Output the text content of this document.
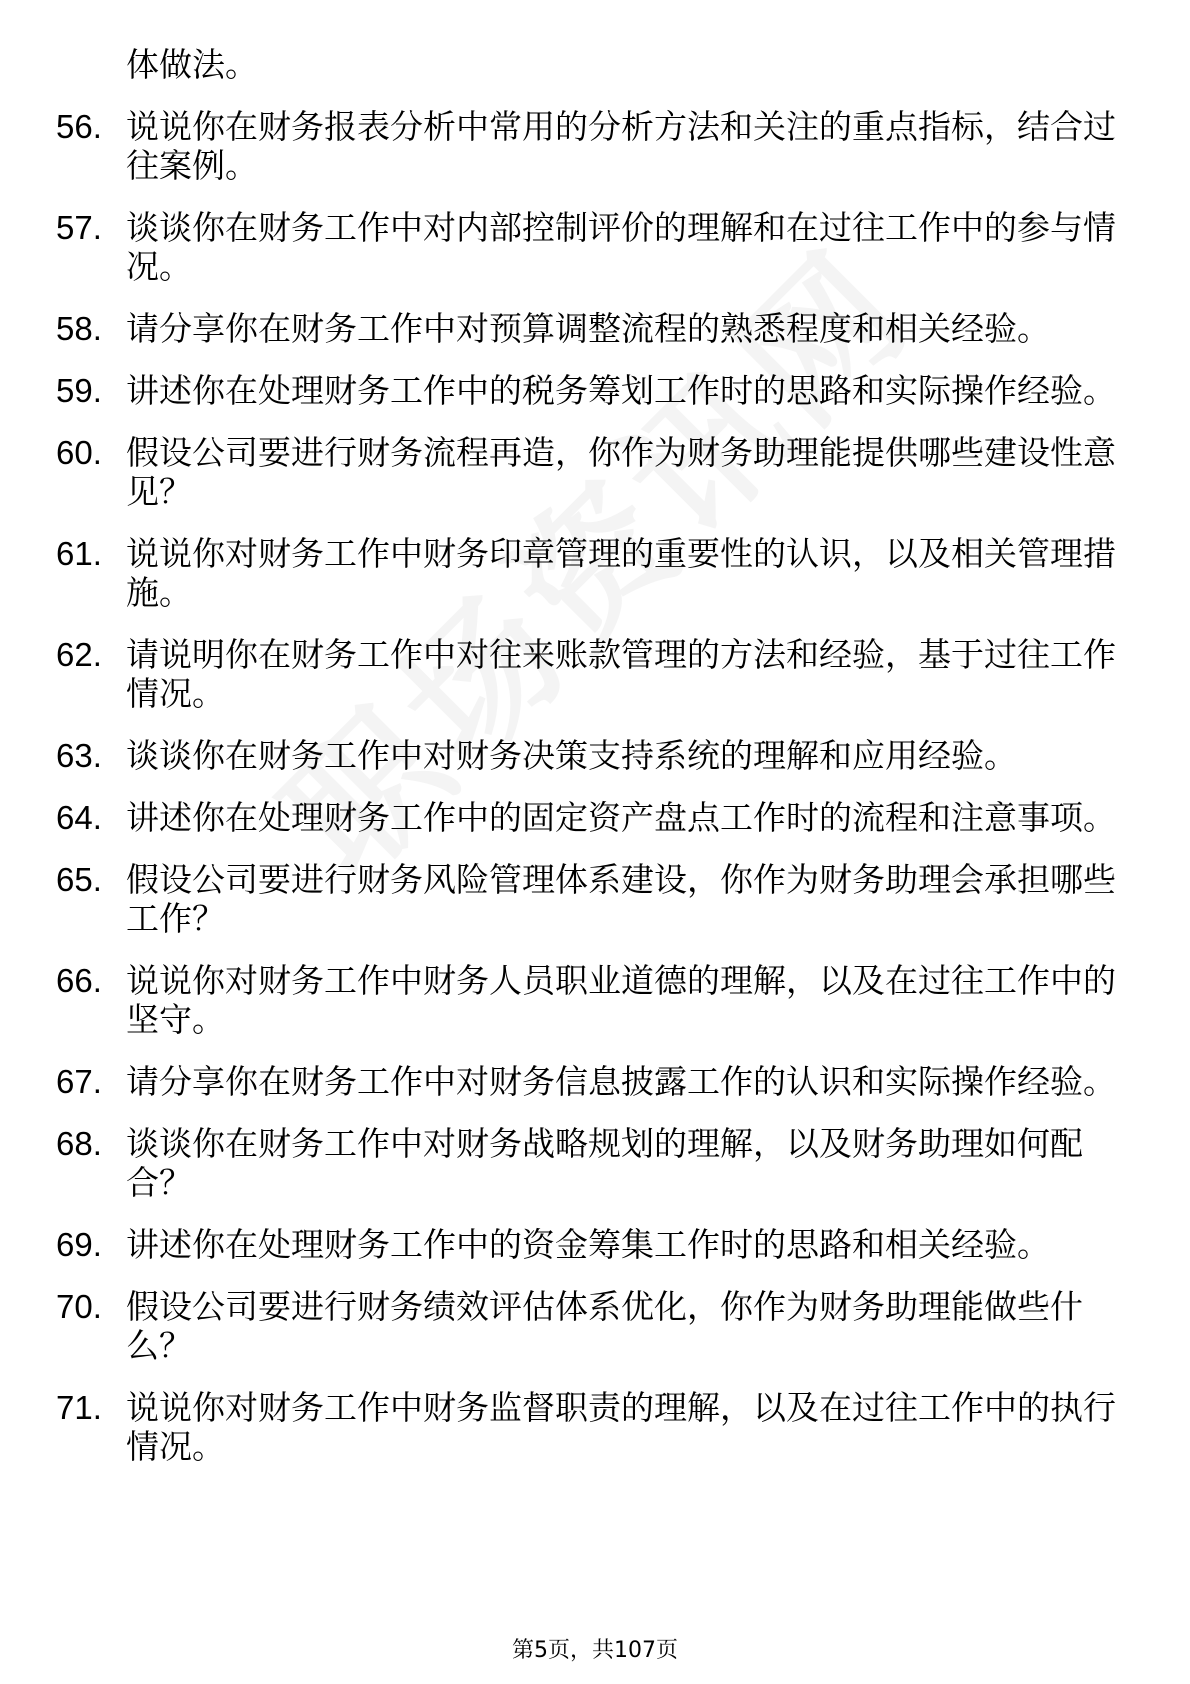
体做法。
56. 说说你在财务报表分析中常用的分析方法和关注的重点指标，结合过往案例。
57. 谈谈你在财务工作中对内部控制评价的理解和在过往工作中的参与情况。
58. 请分享你在财务工作中对预算调整流程的熟悉程度和相关经验。
59. 讲述你在处理财务工作中的税务筹划工作时的思路和实际操作经验。
60. 假设公司要进行财务流程再造，你作为财务助理能提供哪些建设性意见？
61. 说说你对财务工作中财务印章管理的重要性的认识，以及相关管理措施。
62. 请说明你在财务工作中对往来账款管理的方法和经验，基于过往工作情况。
63. 谈谈你在财务工作中对财务决策支持系统的理解和应用经验。
64. 讲述你在处理财务工作中的固定资产盘点工作时的流程和注意事项。
65. 假设公司要进行财务风险管理体系建设，你作为财务助理会承担哪些工作？
66. 说说你对财务工作中财务人员职业道德的理解，以及在过往工作中的坚守。
67. 请分享你在财务工作中对财务信息披露工作的认识和实际操作经验。
68. 谈谈你在财务工作中对财务战略规划的理解，以及财务助理如何配合？
69. 讲述你在处理财务工作中的资金筹集工作时的思路和相关经验。
70. 假设公司要进行财务绩效评估体系优化，你作为财务助理能做些什么？
71. 说说你对财务工作中财务监督职责的理解，以及在过往工作中的执行情况。
第5页，共107页
